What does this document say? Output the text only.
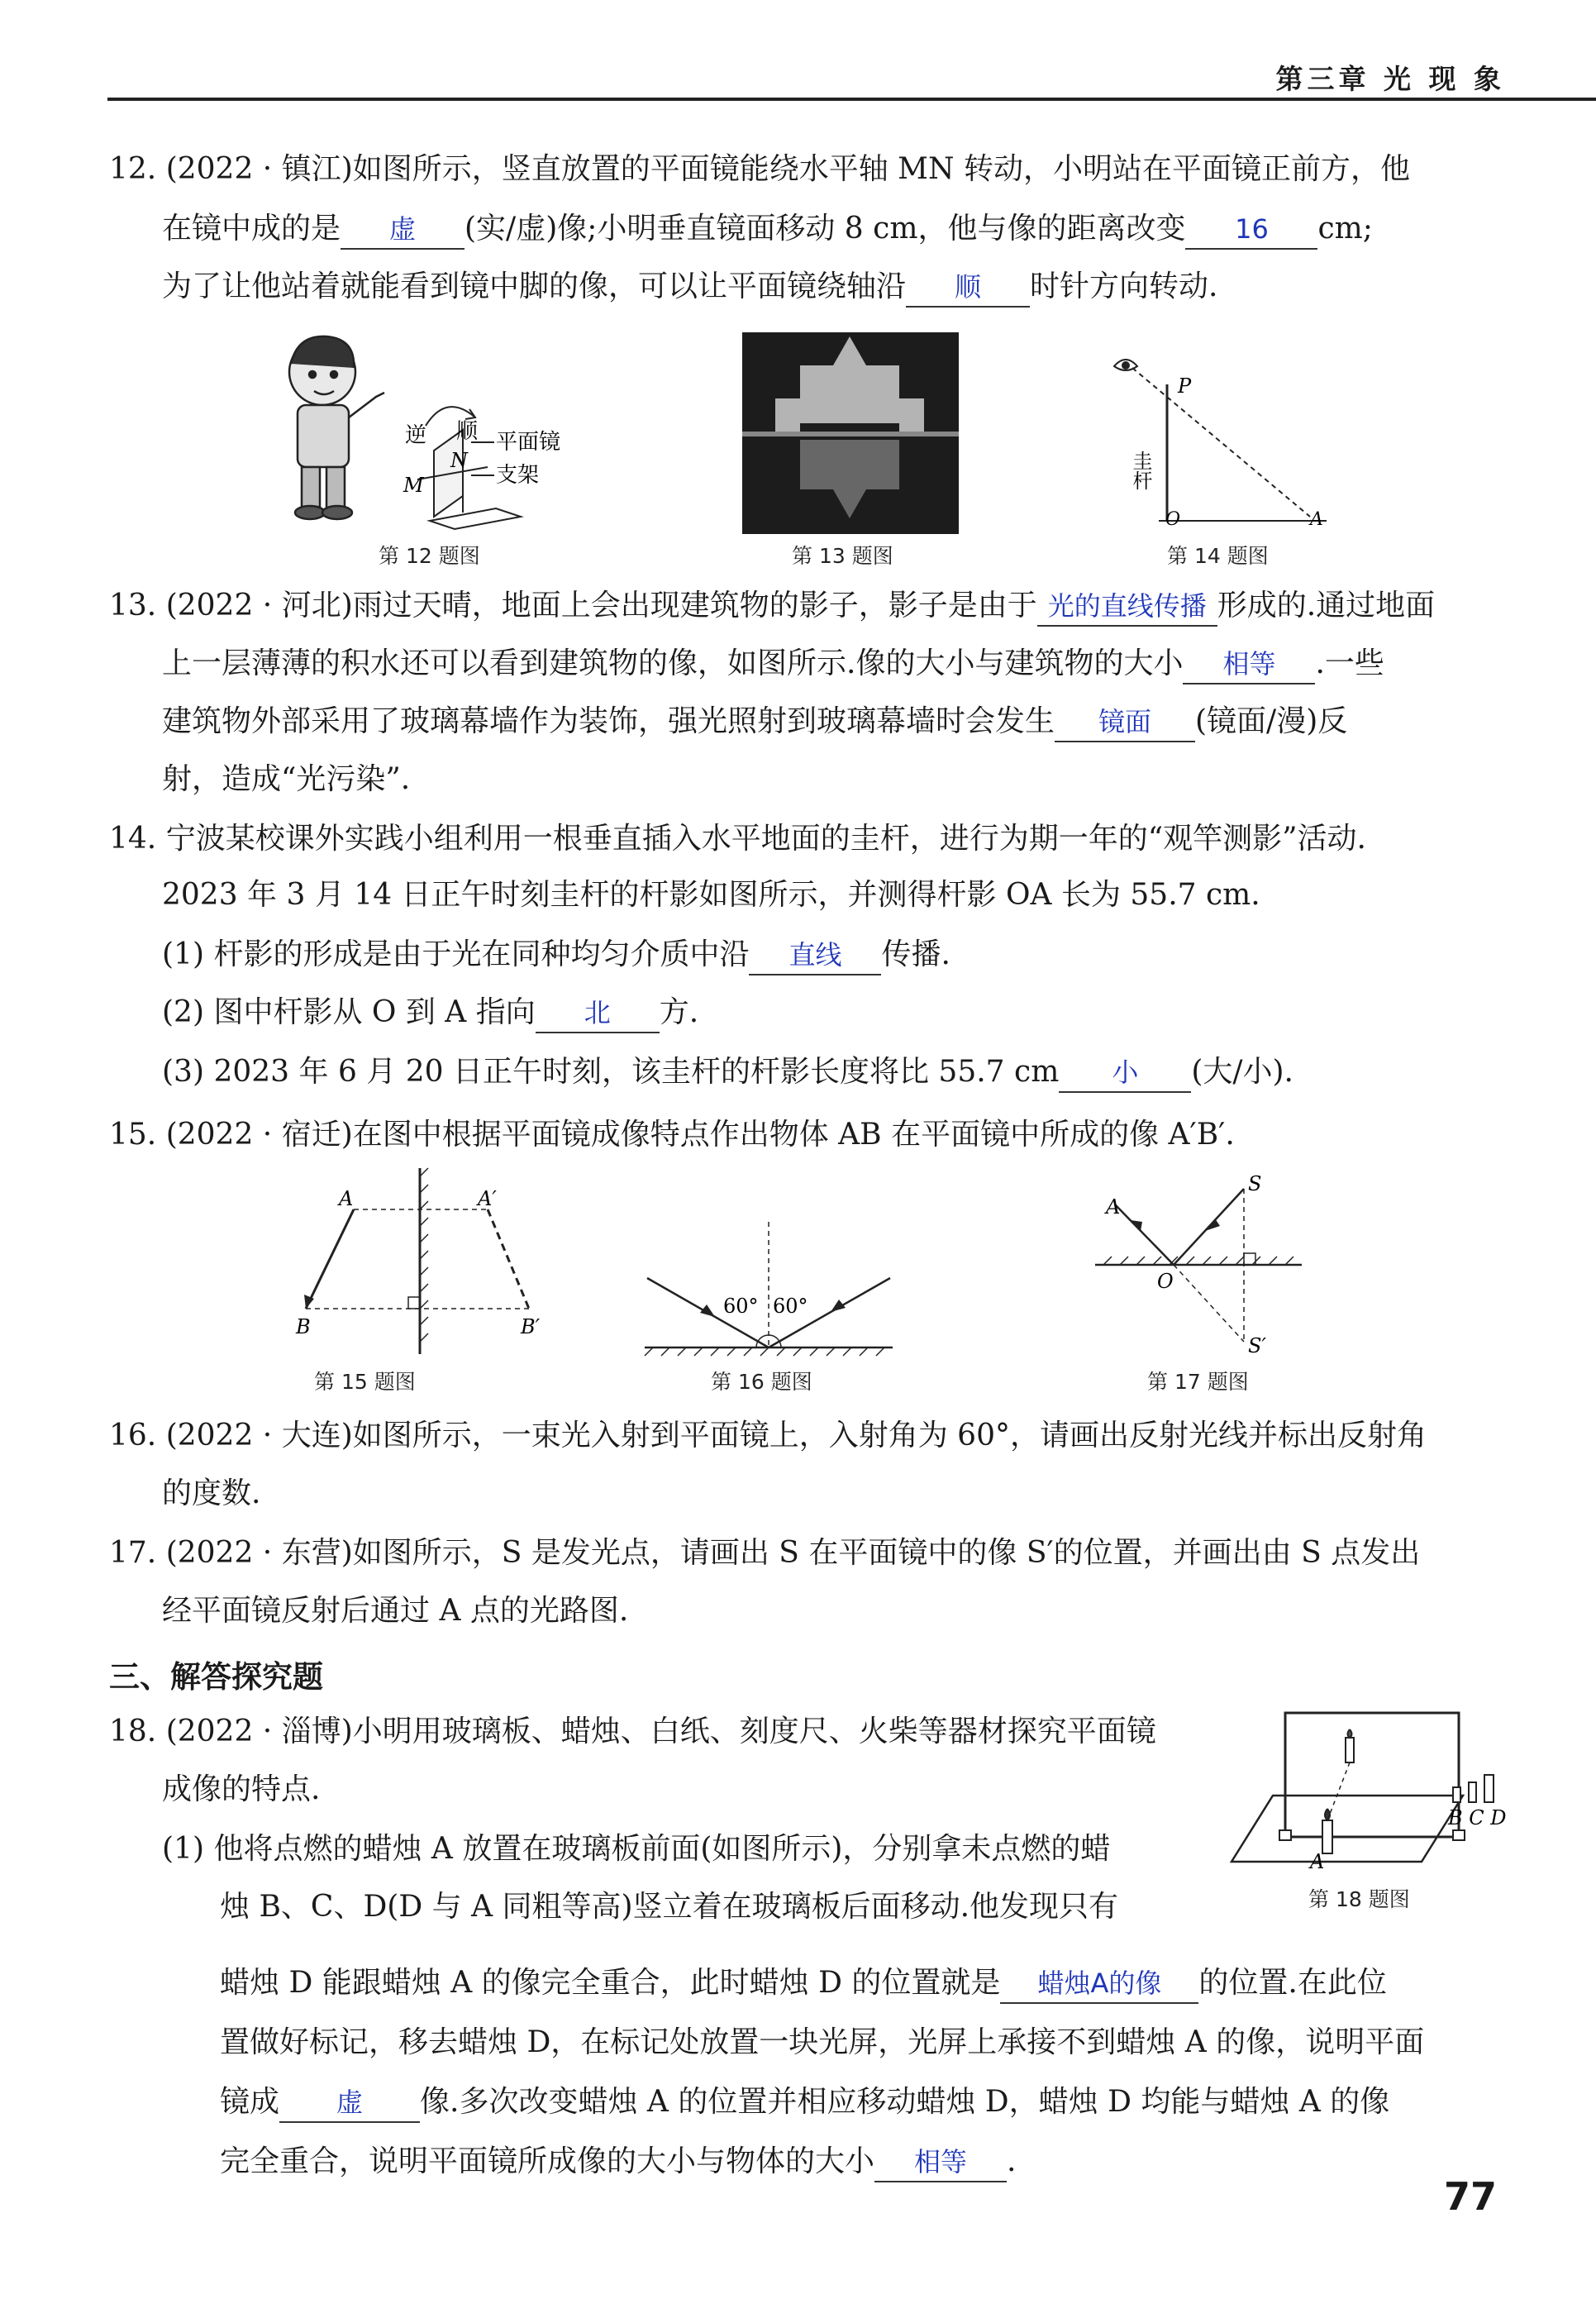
第三章 光 现 象
12. (2022 · 镇江)如图所示，竖直放置的平面镜能绕水平轴 MN 转动，小明站在平面镜正前方，他
在镜中成的是 虚 (实/虚)像;小明垂直镜面移动 8 cm，他与像的距离改变 16 cm;
为了让他站着就能看到镜中脚的像，可以让平面镜绕轴沿 顺 时针方向转动.
逆 顺 平面镜
支架
M
N
第 12 题图	第 13 题图
P
圭杆
O	A
第 14 题图
13. (2022 · 河北)雨过天晴，地面上会出现建筑物的影子，影子是由于 光的直线传播 形成的.通过地面
上一层薄薄的积水还可以看到建筑物的像，如图所示.像的大小与建筑物的大小 相等 .一些
建筑物外部采用了玻璃幕墙作为装饰，强光照射到玻璃幕墙时会发生 镜面 (镜面/漫)反
射，造成“光污染”.
14. 宁波某校课外实践小组利用一根垂直插入水平地面的圭杆，进行为期一年的“观竿测影”活动.
2023 年 3 月 14 日正午时刻圭杆的杆影如图所示，并测得杆影 OA 长为 55.7 cm.
(1) 杆影的形成是由于光在同种均匀介质中沿 直线 传播.
(2) 图中杆影从 O 到 A 指向 北 方.
(3) 2023 年 6 月 20 日正午时刻，该圭杆的杆影长度将比 55.7 cm 小 (大/小).
15. (2022 · 宿迁)在图中根据平面镜成像特点作出物体 AB 在平面镜中所成的像 A′B′.
A
B
A′
B′
第 15 题图
60° 60°
第 16 题图
S
A
O
S′
第 17 题图
16. (2022 · 大连)如图所示，一束光入射到平面镜上，入射角为 60°，请画出反射光线并标出反射角
的度数.
17. (2022 · 东营)如图所示，S 是发光点，请画出 S 在平面镜中的像 S′的位置，并画出由 S 点发出
经平面镜反射后通过 A 点的光路图.
三、解答探究题
18. (2022 · 淄博)小明用玻璃板、蜡烛、白纸、刻度尺、火柴等器材探究平面镜
成像的特点.
(1) 他将点燃的蜡烛 A 放置在玻璃板前面(如图所示)，分别拿未点燃的蜡
烛 B、C、D(D 与 A 同粗等高)竖立着在玻璃板后面移动.他发现只有
蜡烛 D 能跟蜡烛 A 的像完全重合，此时蜡烛 D 的位置就是 蜡烛A的像 的位置.在此位
置做好标记，移去蜡烛 D，在标记处放置一块光屏，光屏上承接不到蜡烛 A 的像，说明平面
镜成 虚 像.多次改变蜡烛 A 的位置并相应移动蜡烛 D，蜡烛 D 均能与蜡烛 A 的像
完全重合，说明平面镜所成像的大小与物体的大小 相等 .
A
B C D
第 18 题图
77
